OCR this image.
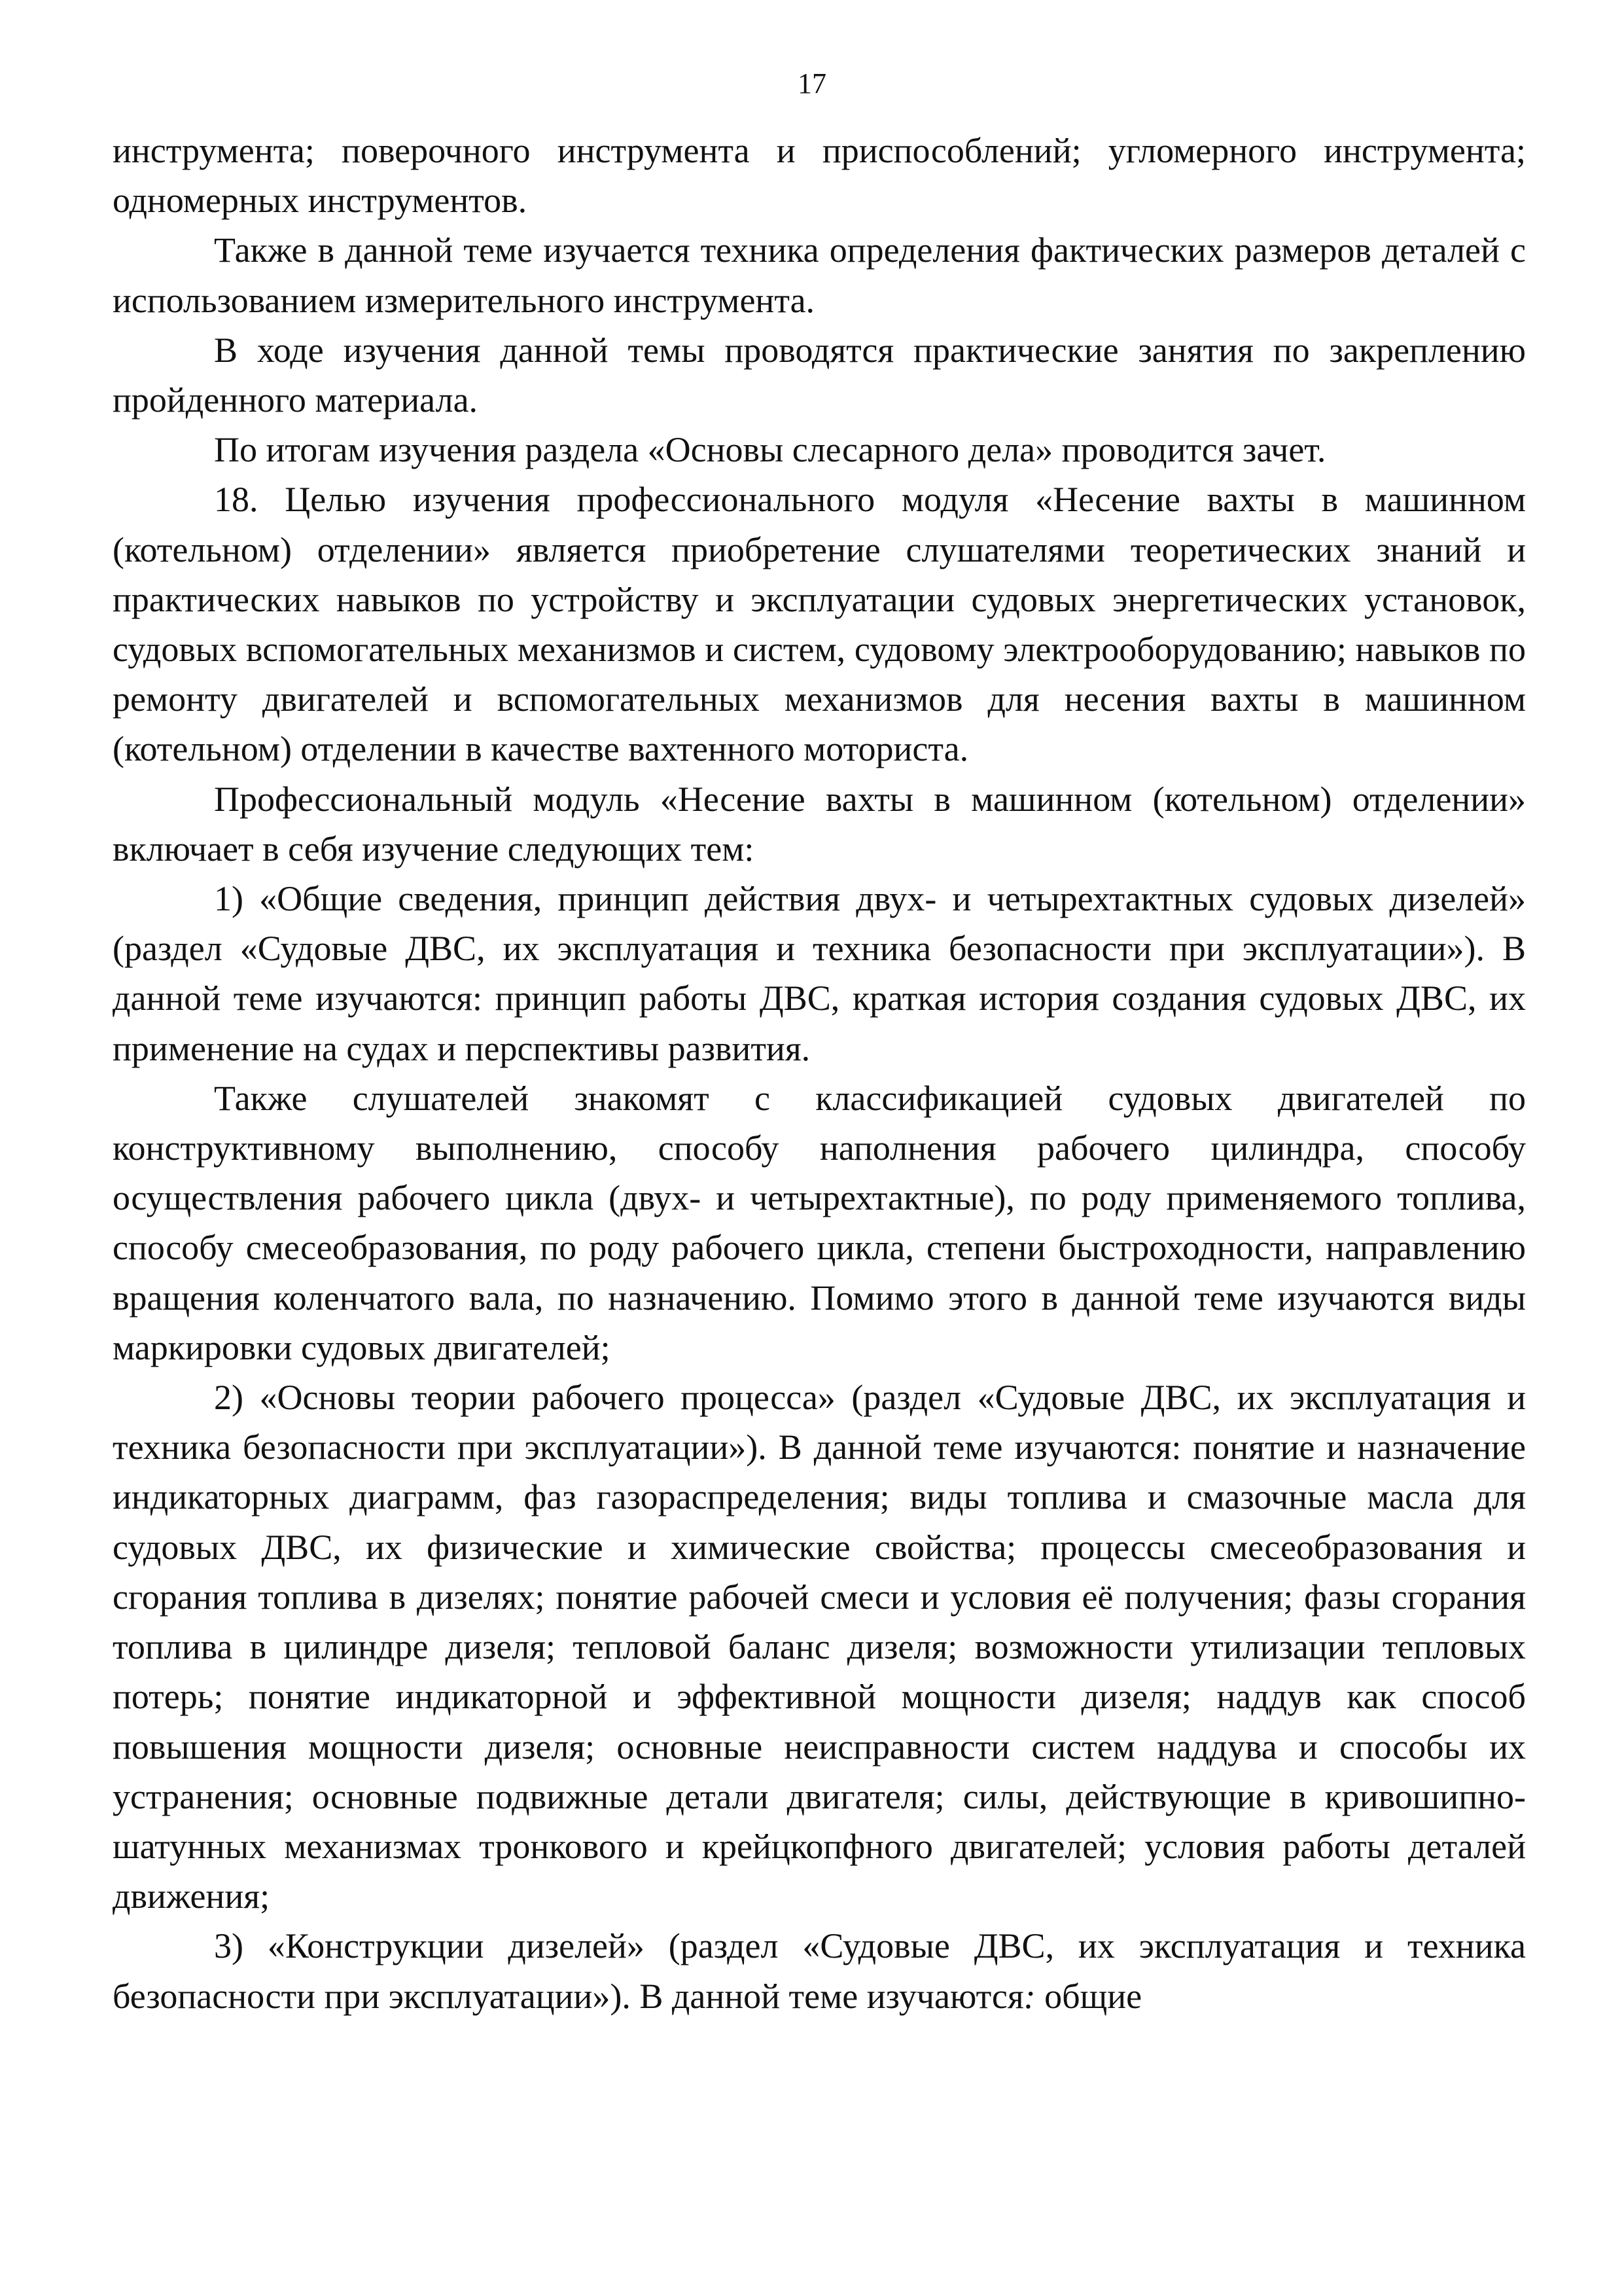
17

инструмента; поверочного инструмента и приспособлений; угломерного инструмента; одномерных инструментов.

Также в данной теме изучается техника определения фактических размеров деталей с использованием измерительного инструмента.

В ходе изучения данной темы проводятся практические занятия по закреплению пройденного материала.

По итогам изучения раздела «Основы слесарного дела» проводится зачет.

18. Целью изучения профессионального модуля «Несение вахты в машинном (котельном) отделении» является приобретение слушателями теоретических знаний и практических навыков по устройству и эксплуатации судовых энергетических установок, судовых вспомогательных механизмов и систем, судовому электрооборудованию; навыков по ремонту двигателей и вспомогательных механизмов для несения вахты в машинном (котельном) отделении в качестве вахтенного моториста.

Профессиональный модуль «Несение вахты в машинном (котельном) отделении» включает в себя изучение следующих тем:

1) «Общие сведения, принцип действия двух- и четырехтактных судовых дизелей» (раздел «Судовые ДВС, их эксплуатация и техника безопасности при эксплуатации»). В данной теме изучаются: принцип работы ДВС, краткая история создания судовых ДВС, их применение на судах и перспективы развития.

Также слушателей знакомят с классификацией судовых двигателей по конструктивному выполнению, способу наполнения рабочего цилиндра, способу осуществления рабочего цикла (двух- и четырехтактные), по роду применяемого топлива, способу смесеобразования, по роду рабочего цикла, степени быстроходности, направлению вращения коленчатого вала, по назначению. Помимо этого в данной теме изучаются виды маркировки судовых двигателей;

2) «Основы теории рабочего процесса» (раздел «Судовые ДВС, их эксплуатация и техника безопасности при эксплуатации»). В данной теме изучаются: понятие и назначение индикаторных диаграмм, фаз газораспределения; виды топлива и смазочные масла для судовых ДВС, их физические и химические свойства; процессы смесеобразования и сгорания топлива в дизелях; понятие рабочей смеси и условия её получения; фазы сгорания топлива в цилиндре дизеля; тепловой баланс дизеля; возможности утилизации тепловых потерь; понятие индикаторной и эффективной мощности дизеля; наддув как способ повышения мощности дизеля; основные неисправности систем наддува и способы их устранения; основные подвижные детали двигателя; силы, действующие в кривошипно-шатунных механизмах тронкового и крейцкопфного двигателей; условия работы деталей движения;

3) «Конструкции дизелей» (раздел «Судовые ДВС, их эксплуатация и техника безопасности при эксплуатации»). В данной теме изучаются: общие
